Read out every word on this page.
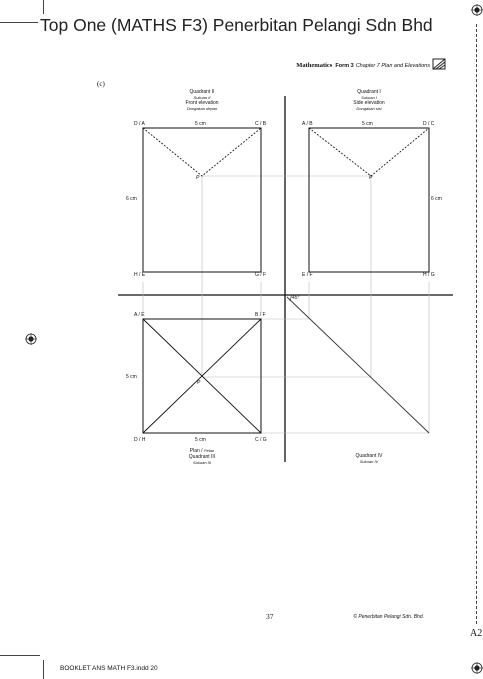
Top One (MATHS F3) Penerbitan Pelangi Sdn Bhd
Mathematics Form 3 Chapter 7 Plan and Elevations
(c)
Quadrant II
Sukuan II
Front elevation
Dongakan depan
Quadrant I
Sukuan I
Side elevation
Dongakan sisi
Plan / Pelan
Quadrant III
Sukuan III
Quadrant IV
Sukuan IV
D / A	C / B
H / E	G / F
5 cm
6 cm
P
A / B	D / C
E / F	H / G
5 cm
6 cm
P
A / E	B / F
D / H	C / G
5 cm
5 cm
P
45°
37	© Penerbitan Pelangi Sdn. Bhd.
A2
BOOKLET ANS MATH F3.indd 20
